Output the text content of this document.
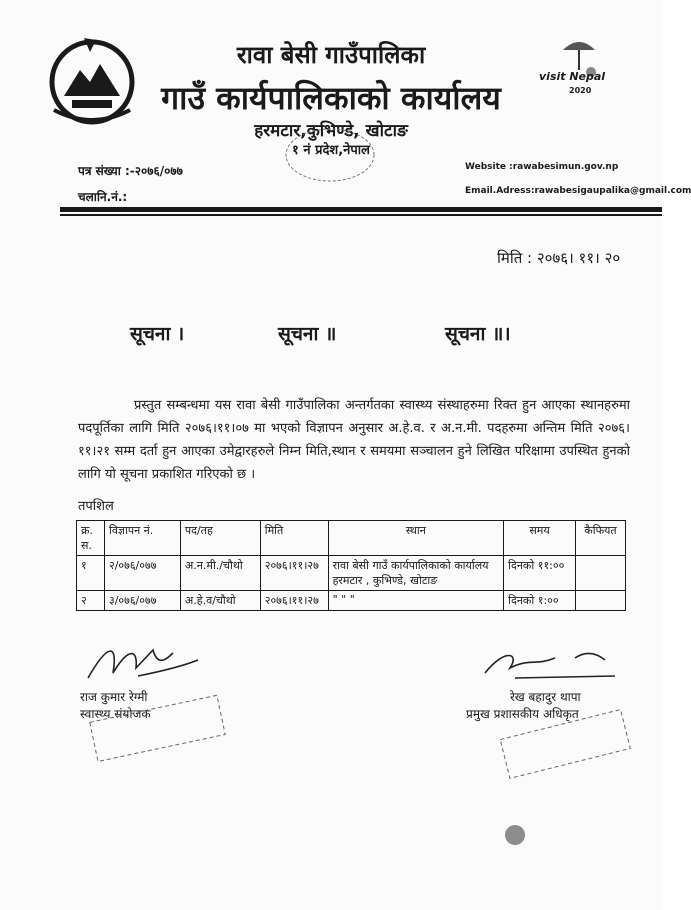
visit Nepal
2020
रावा बेसी गाउँपालिका
गाउँ कार्यपालिकाको कार्यालय
हरमटार,कुभिण्डे, खोटाङ
१ नं प्रदेश,नेपाल
पत्र संख्या :-२०७६/०७७
चलानि.नं.:
Website :rawabesimun.gov.np
Email.Adress:rawabesigaupalika@gmail.com
मिति : २०७६। ११। २०
सूचना ।	सूचना ॥	सूचना ॥।
प्रस्तुत सम्बन्धमा यस रावा बेसी गाउँपालिका अन्तर्गतका स्वास्थ्य संस्थाहरुमा रिक्त हुन आएका स्थानहरुमा पदपूर्तिका लागि मिति २०७६।११।०७ मा भएको विज्ञापन अनुसार अ.हे.व. र अ.न.मी. पदहरुमा अन्तिम मिति २०७६।११।२१ सम्म दर्ता हुन आएका उमेद्वारहरुले निम्न मिति,स्थान र समयमा सञ्चालन हुने लिखित परिक्षामा उपस्थित हुनको लागि यो सूचना प्रकाशित गरिएको छ ।
तपशिल
क्र. स.	विज्ञापन नं.	पद/तह	मिति	स्थान	समय	कैफियत
१	२/०७६/०७७	अ.न.मी./चौथो	२०७६।११।२७	रावा बेसी गाउँ कार्यपालिकाको कार्यालय हरमटार , कुभिण्डे, खोटाङ	दिनको ११:००	
२	३/०७६/०७७	अ.हे.व/चौथो	२०७६।११।२७	" " "	दिनको १:००	
राज कुमार रेग्मी
स्वास्थ्य संयोजक
रेख बहादुर थापा
प्रमुख प्रशासकीय अधिकृत
